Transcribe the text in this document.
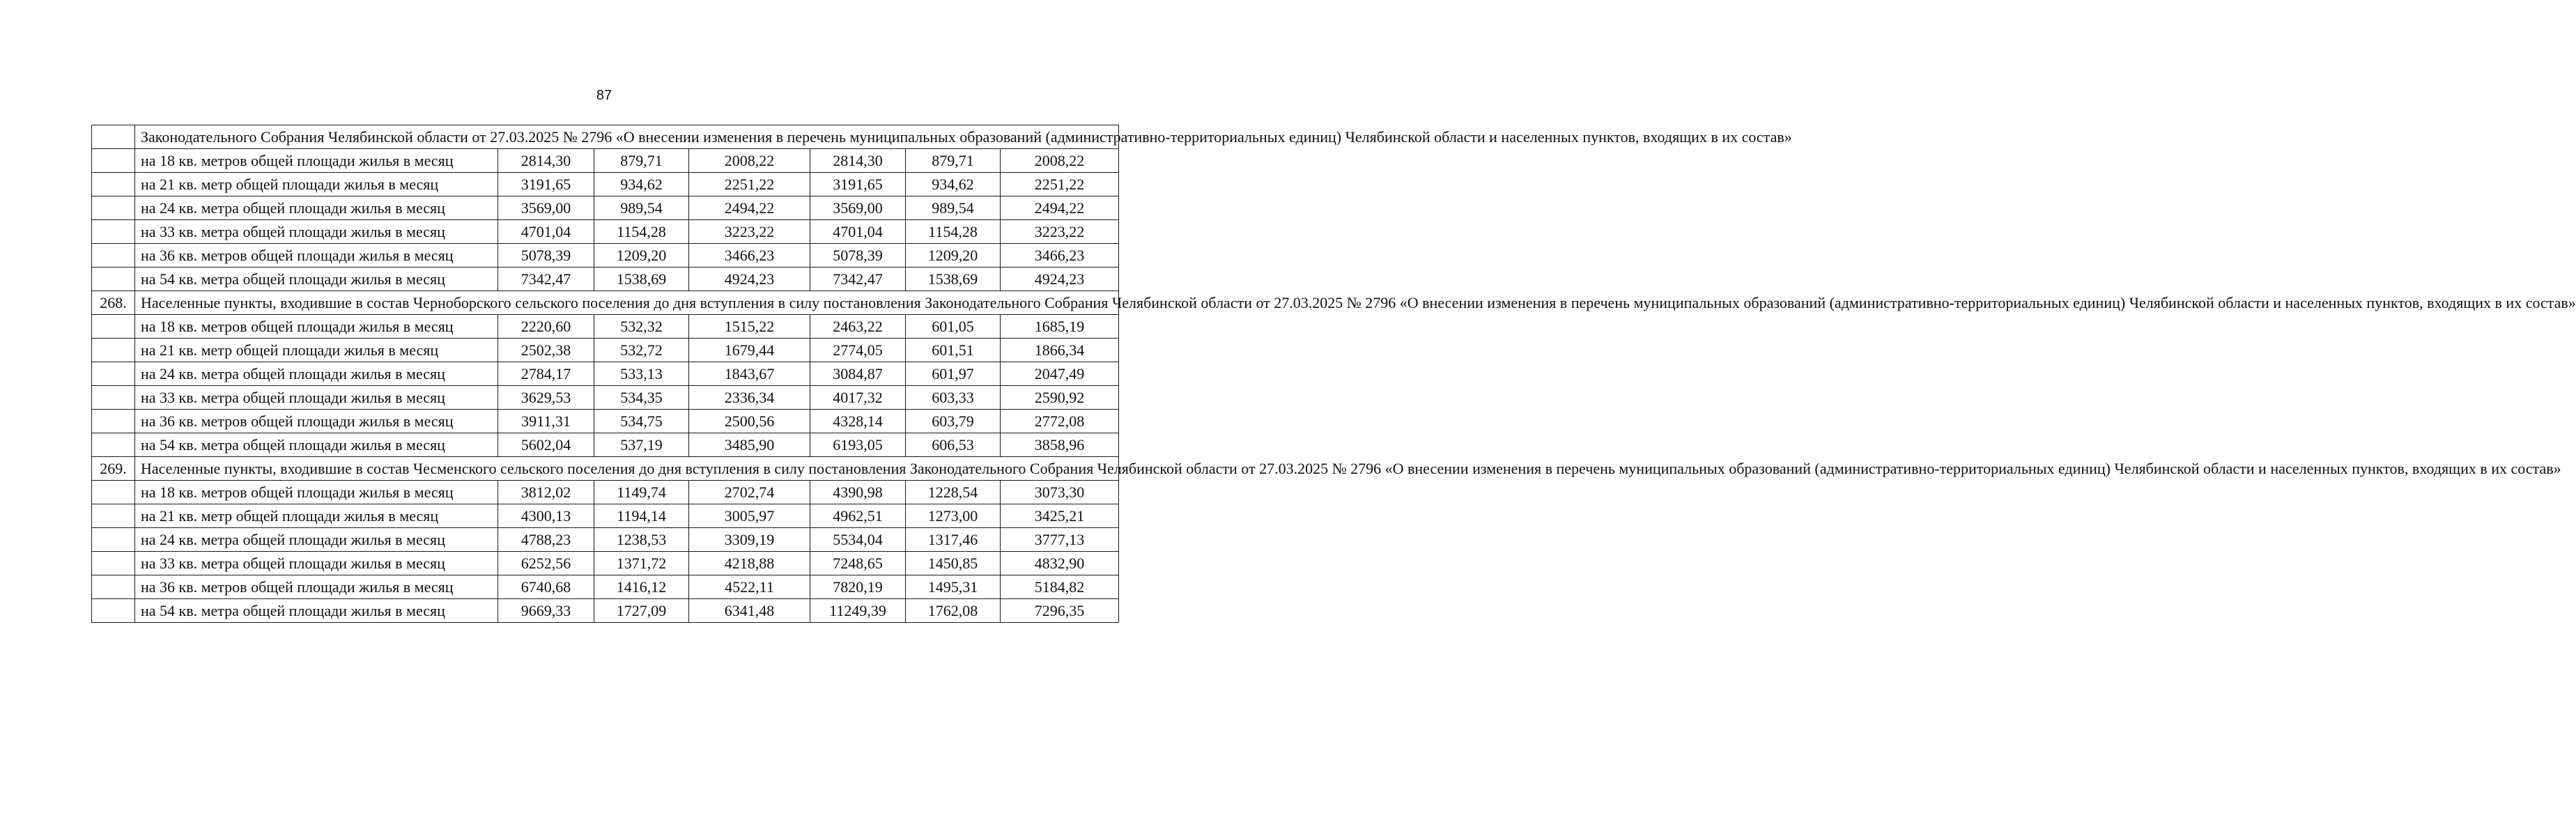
87
	Законодательного Собрания Челябинской области от 27.03.2025 № 2796 «О внесении изменения в перечень муниципальных образований (административно-территориальных единиц) Челябинской области и населенных пунктов, входящих в их состав»						
	на 18 кв. метров общей площади жилья в месяц	2814,30	879,71	2008,22	2814,30	879,71	2008,22
	на 21 кв. метр общей площади жилья в месяц	3191,65	934,62	2251,22	3191,65	934,62	2251,22
	на 24 кв. метра общей площади жилья в месяц	3569,00	989,54	2494,22	3569,00	989,54	2494,22
	на 33 кв. метра общей площади жилья в месяц	4701,04	1154,28	3223,22	4701,04	1154,28	3223,22
	на 36 кв. метров общей площади жилья в месяц	5078,39	1209,20	3466,23	5078,39	1209,20	3466,23
	на 54 кв. метра общей площади жилья в месяц	7342,47	1538,69	4924,23	7342,47	1538,69	4924,23
268.	Населенные пункты, входившие в состав Черноборского сельского поселения до дня вступления в силу постановления Законодательного Собрания Челябинской области от 27.03.2025 № 2796 «О внесении изменения в перечень муниципальных образований (административно-территориальных единиц) Челябинской области и населенных пунктов, входящих в их состав»						
	на 18 кв. метров общей площади жилья в месяц	2220,60	532,32	1515,22	2463,22	601,05	1685,19
	на 21 кв. метр общей площади жилья в месяц	2502,38	532,72	1679,44	2774,05	601,51	1866,34
	на 24 кв. метра общей площади жилья в месяц	2784,17	533,13	1843,67	3084,87	601,97	2047,49
	на 33 кв. метра общей площади жилья в месяц	3629,53	534,35	2336,34	4017,32	603,33	2590,92
	на 36 кв. метров общей площади жилья в месяц	3911,31	534,75	2500,56	4328,14	603,79	2772,08
	на 54 кв. метра общей площади жилья в месяц	5602,04	537,19	3485,90	6193,05	606,53	3858,96
269.	Населенные пункты, входившие в состав Чесменского сельского поселения до дня вступления в силу постановления Законодательного Собрания Челябинской области от 27.03.2025 № 2796 «О внесении изменения в перечень муниципальных образований (административно-территориальных единиц) Челябинской области и населенных пунктов, входящих в их состав»						
	на 18 кв. метров общей площади жилья в месяц	3812,02	1149,74	2702,74	4390,98	1228,54	3073,30
	на 21 кв. метр общей площади жилья в месяц	4300,13	1194,14	3005,97	4962,51	1273,00	3425,21
	на 24 кв. метра общей площади жилья в месяц	4788,23	1238,53	3309,19	5534,04	1317,46	3777,13
	на 33 кв. метра общей площади жилья в месяц	6252,56	1371,72	4218,88	7248,65	1450,85	4832,90
	на 36 кв. метров общей площади жилья в месяц	6740,68	1416,12	4522,11	7820,19	1495,31	5184,82
	на 54 кв. метра общей площади жилья в месяц	9669,33	1727,09	6341,48	11249,39	1762,08	7296,35
